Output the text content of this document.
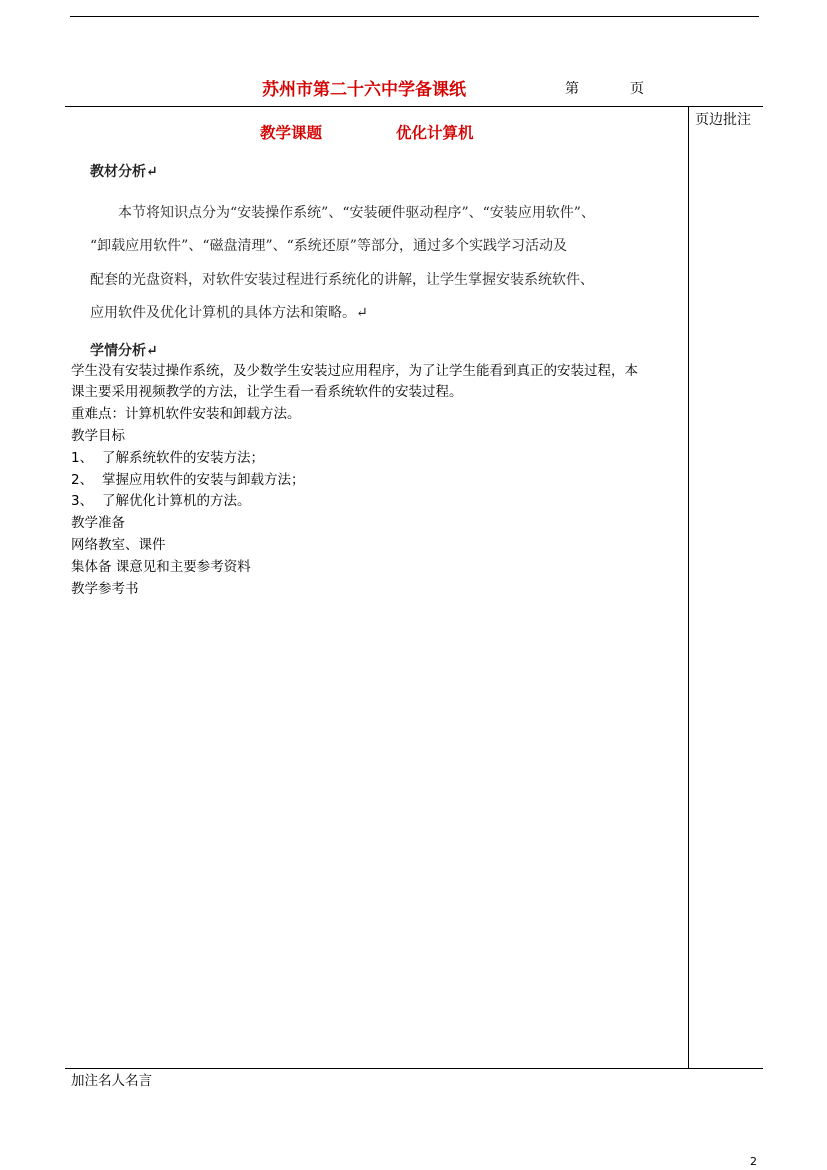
苏州市第二十六中学备课纸	第	页
页边批注
教学课题	优化计算机
教材分析↵
本节将知识点分为“安装操作系统”、“安装硬件驱动程序”、“安装应用软件”、
“卸载应用软件”、“磁盘清理”、“系统还原”等部分，通过多个实践学习活动及
配套的光盘资料，对软件安装过程进行系统化的讲解，让学生掌握安装系统软件、
应用软件及优化计算机的具体方法和策略。↵
学情分析↵
学生没有安装过操作系统，及少数学生安装过应用程序，为了让学生能看到真正的安装过程，本
课主要采用视频教学的方法，让学生看一看系统软件的安装过程。
重难点：计算机软件安装和卸载方法。
教学目标
1、 了解系统软件的安装方法；
2、 掌握应用软件的安装与卸载方法；
3、 了解优化计算机的方法。
教学准备
网络教室、课件
集体备 课意见和主要参考资料
教学参考书
加注名人名言
2
